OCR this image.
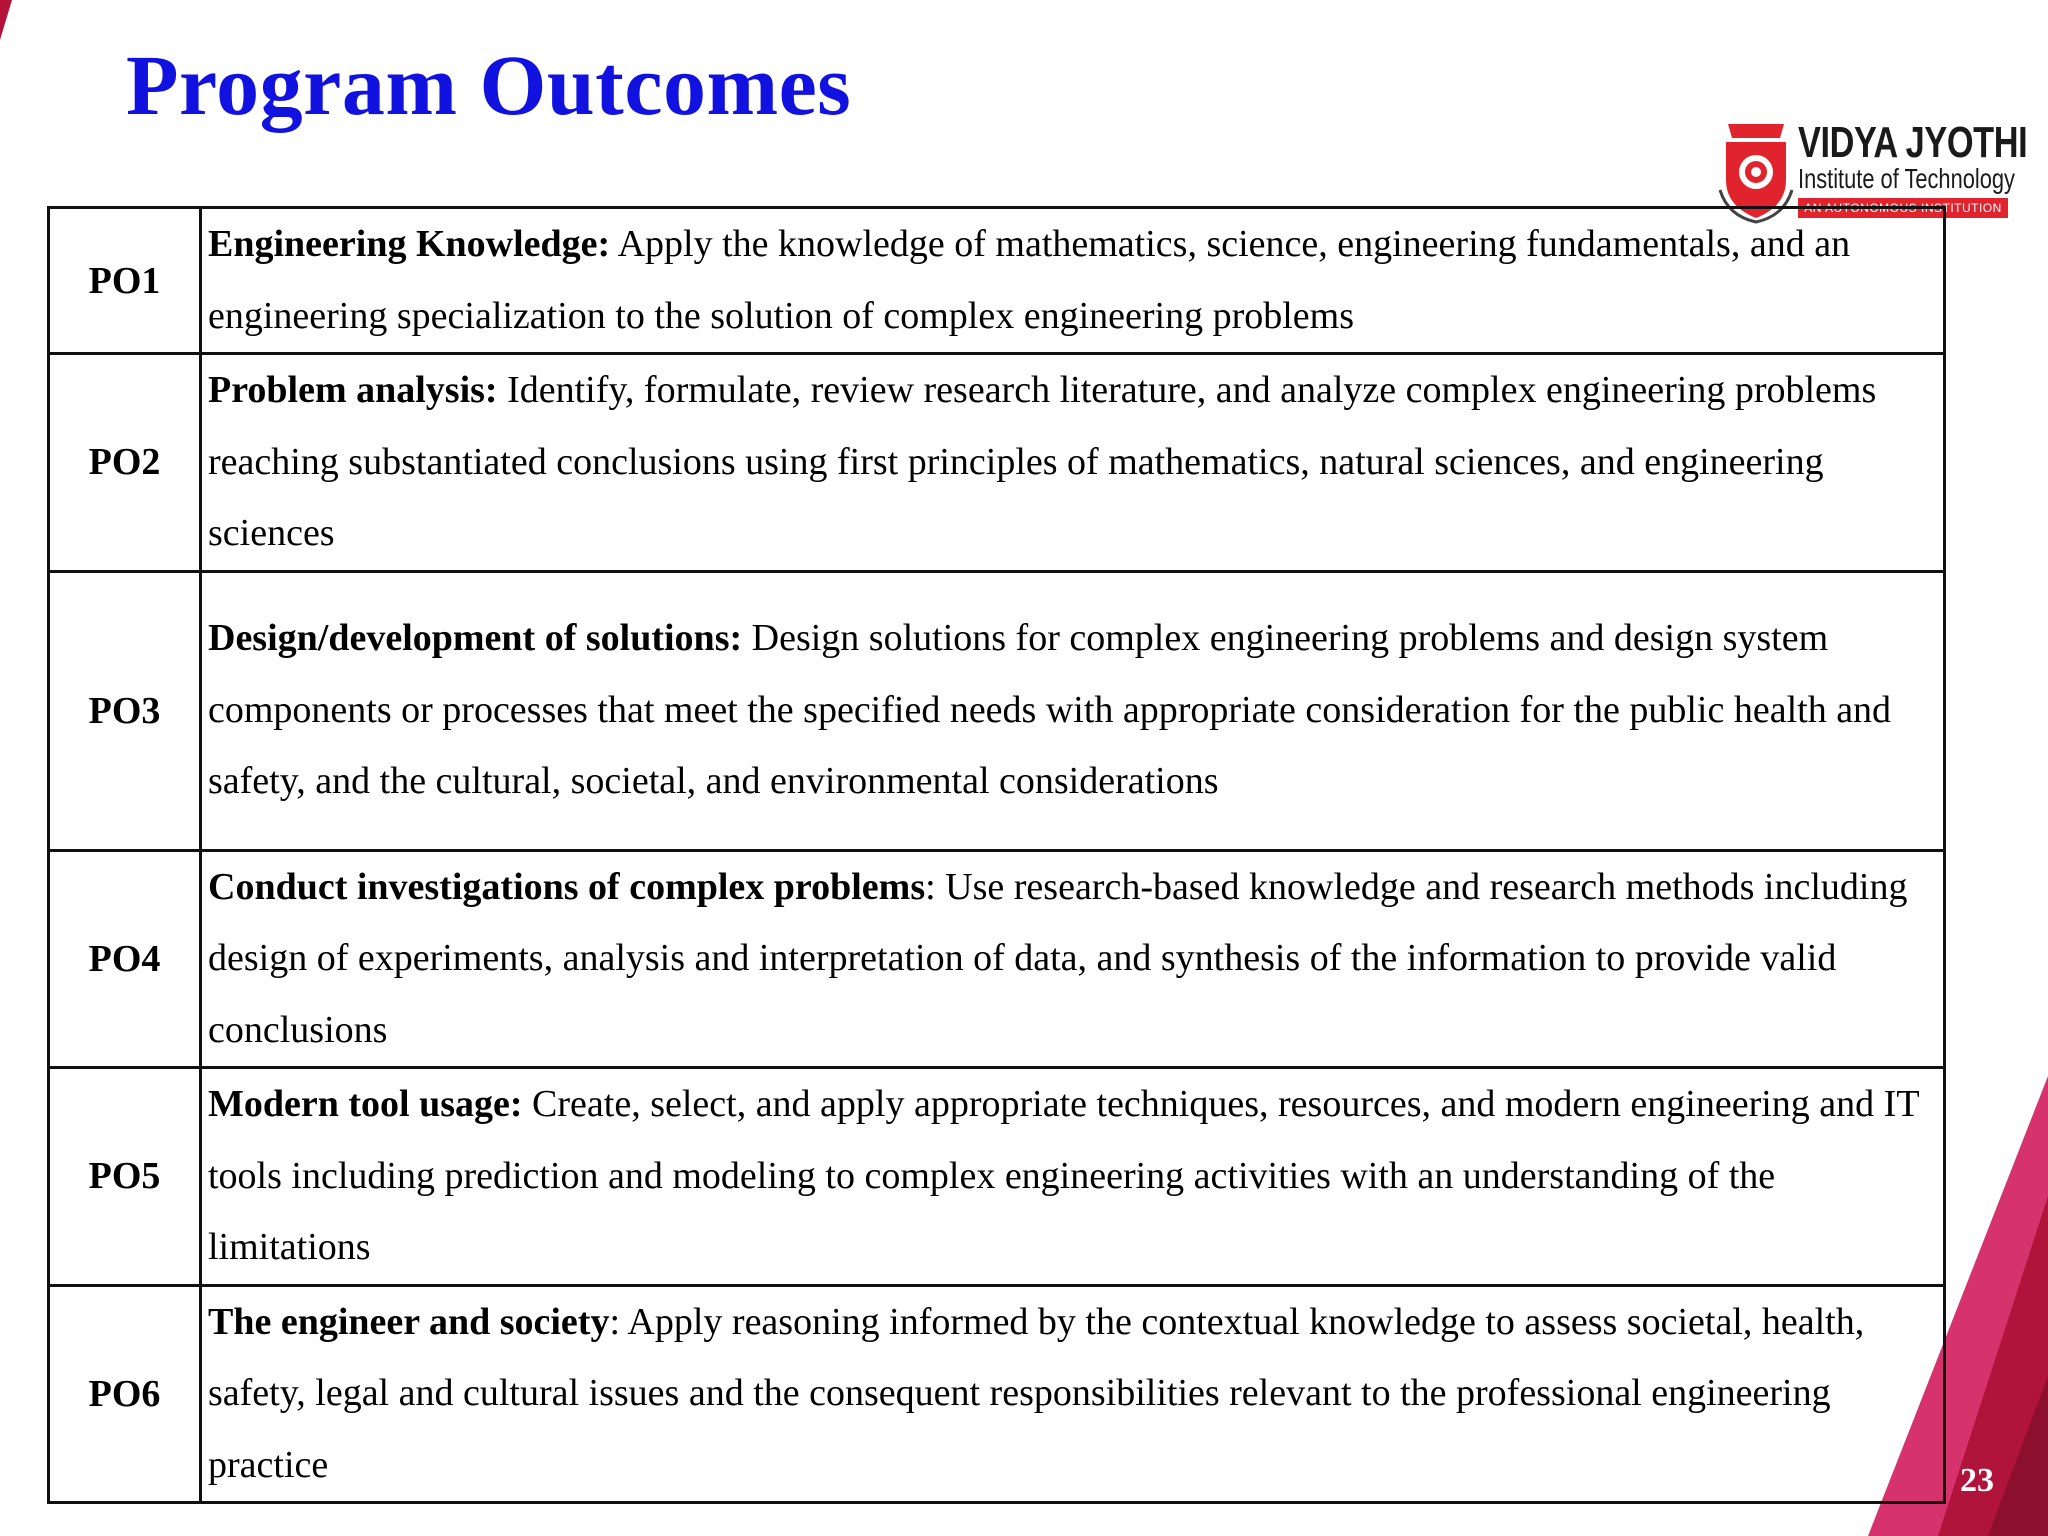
Program Outcomes
VIDYA JYOTHI
Institute of Technology
AN AUTONOMOUS INSTITUTION
PO1	Engineering Knowledge: Apply the knowledge of mathematics, science, engineering fundamentals, and an engineering specialization to the solution of complex engineering problems
PO2	Problem analysis: Identify, formulate, review research literature, and analyze complex engineering problems reaching substantiated conclusions using first principles of mathematics, natural sciences, and engineering sciences
PO3	Design/development of solutions: Design solutions for complex engineering problems and design system components or processes that meet the specified needs with appropriate consideration for the public health and safety, and the cultural, societal, and environmental considerations
PO4	Conduct investigations of complex problems: Use research-based knowledge and research methods including design of experiments, analysis and interpretation of data, and synthesis of the information to provide valid conclusions
PO5	Modern tool usage: Create, select, and apply appropriate techniques, resources, and modern engineering and IT tools including prediction and modeling to complex engineering activities with an understanding of the limitations
PO6	The engineer and society: Apply reasoning informed by the contextual knowledge to assess societal, health, safety, legal and cultural issues and the consequent responsibilities relevant to the professional engineering practice	23
